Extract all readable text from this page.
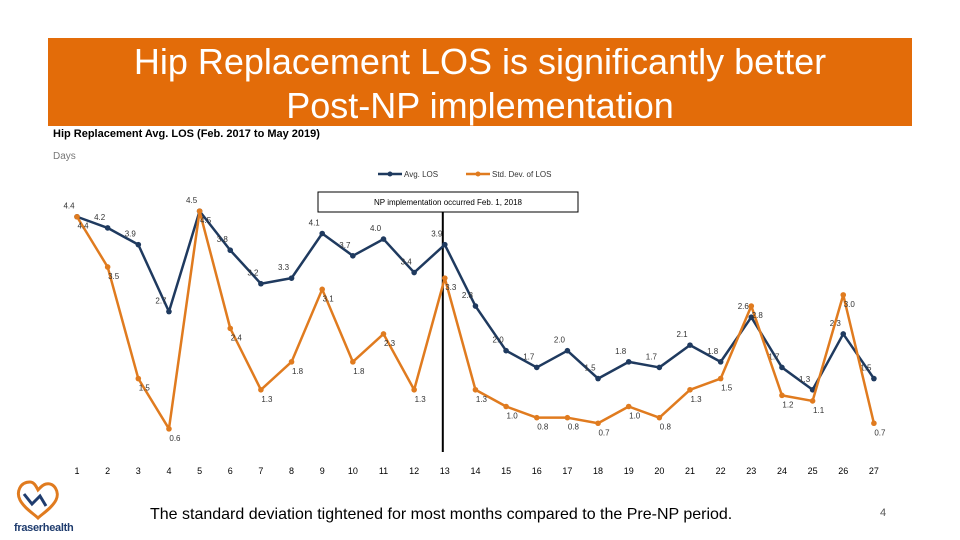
Hip Replacement LOS is significantly better
Post-NP implementation
Hip Replacement Avg. LOS (Feb. 2017 to May 2019)
Days
Avg. LOS	Std. Dev. of LOS
NP implementation occurred Feb. 1, 2018
1	2	3	4	5	6	7	8	9	10 11 12 13 14 15 16 17 18 19 20 21 22 23 24 25 26 27
4.4
4.2
3.9
2.7
4.5
3.8
3.2
3.3
4.1
3.7
4.0
3.4
3.9
2.8
2.0
1.7
2.0
1.5
1.8
1.7
2.1
1.8
2.6
1.7
1.3
2.3
1.5
4.4
3.5
1.5
0.6
4.5
2.4
1.3
1.8
3.1
1.8
2.3
1.3
3.3
1.3
1.0
0.8 0.8
0.7
1.0
0.8
1.3
1.5
2.8
1.2
1.1
3.0
0.7
The standard deviation tightened for most months compared to the Pre-NP period.	4
fraserhealth
